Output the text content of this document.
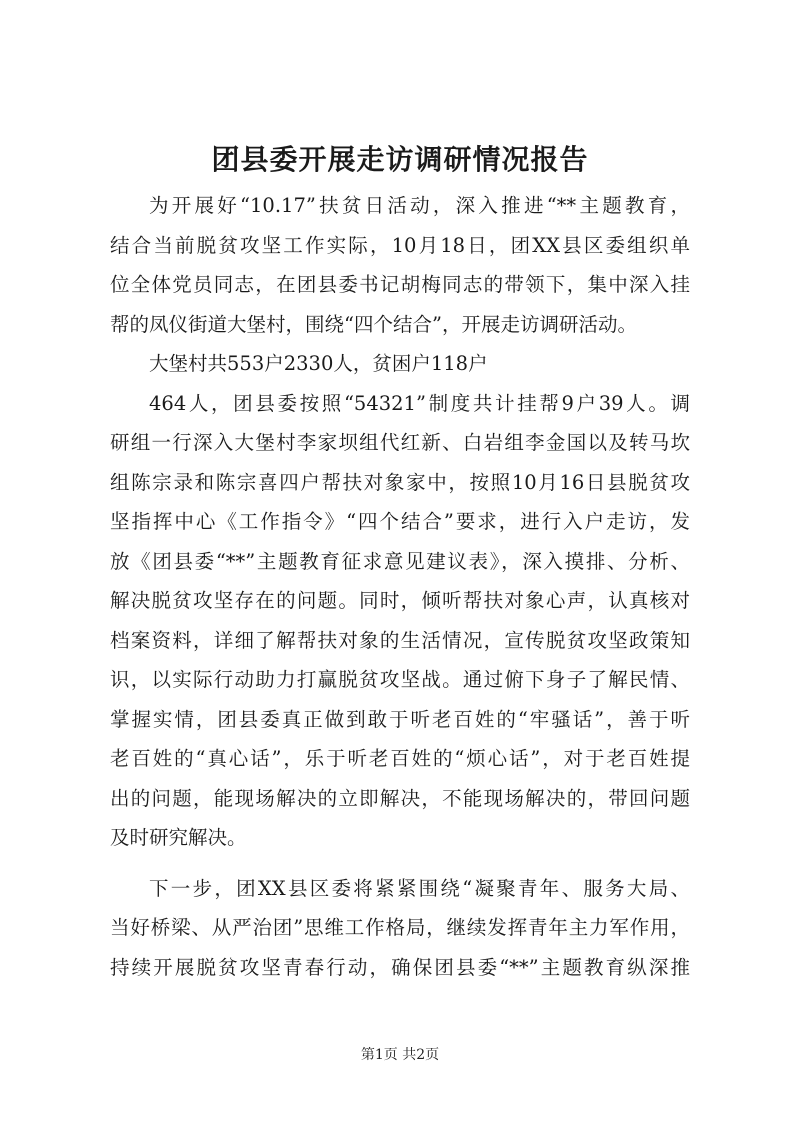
团县委开展走访调研情况报告
为开展好“10.17”扶贫日活动，深入推进“**主题教育，
结合当前脱贫攻坚工作实际，10月18日，团XX县区委组织单
位全体党员同志，在团县委书记胡梅同志的带领下，集中深入挂
帮的凤仪街道大堡村，围绕“四个结合”，开展走访调研活动。
大堡村共553户2330人，贫困户118户
464人，团县委按照“54321”制度共计挂帮9户39人。调
研组一行深入大堡村李家坝组代红新、白岩组李金国以及转马坎
组陈宗录和陈宗喜四户帮扶对象家中，按照10月16日县脱贫攻
坚指挥中心《工作指令》“四个结合”要求，进行入户走访，发
放《团县委“**”主题教育征求意见建议表》，深入摸排、分析、
解决脱贫攻坚存在的问题。同时，倾听帮扶对象心声，认真核对
档案资料，详细了解帮扶对象的生活情况，宣传脱贫攻坚政策知
识，以实际行动助力打赢脱贫攻坚战。通过俯下身子了解民情、
掌握实情，团县委真正做到敢于听老百姓的“牢骚话”，善于听
老百姓的“真心话”，乐于听老百姓的“烦心话”，对于老百姓提
出的问题，能现场解决的立即解决，不能现场解决的，带回问题
及时研究解决。
下一步，团XX县区委将紧紧围绕“凝聚青年、服务大局、
当好桥梁、从严治团”思维工作格局，继续发挥青年主力军作用，
持续开展脱贫攻坚青春行动，确保团县委“**”主题教育纵深推
第1页 共2页
